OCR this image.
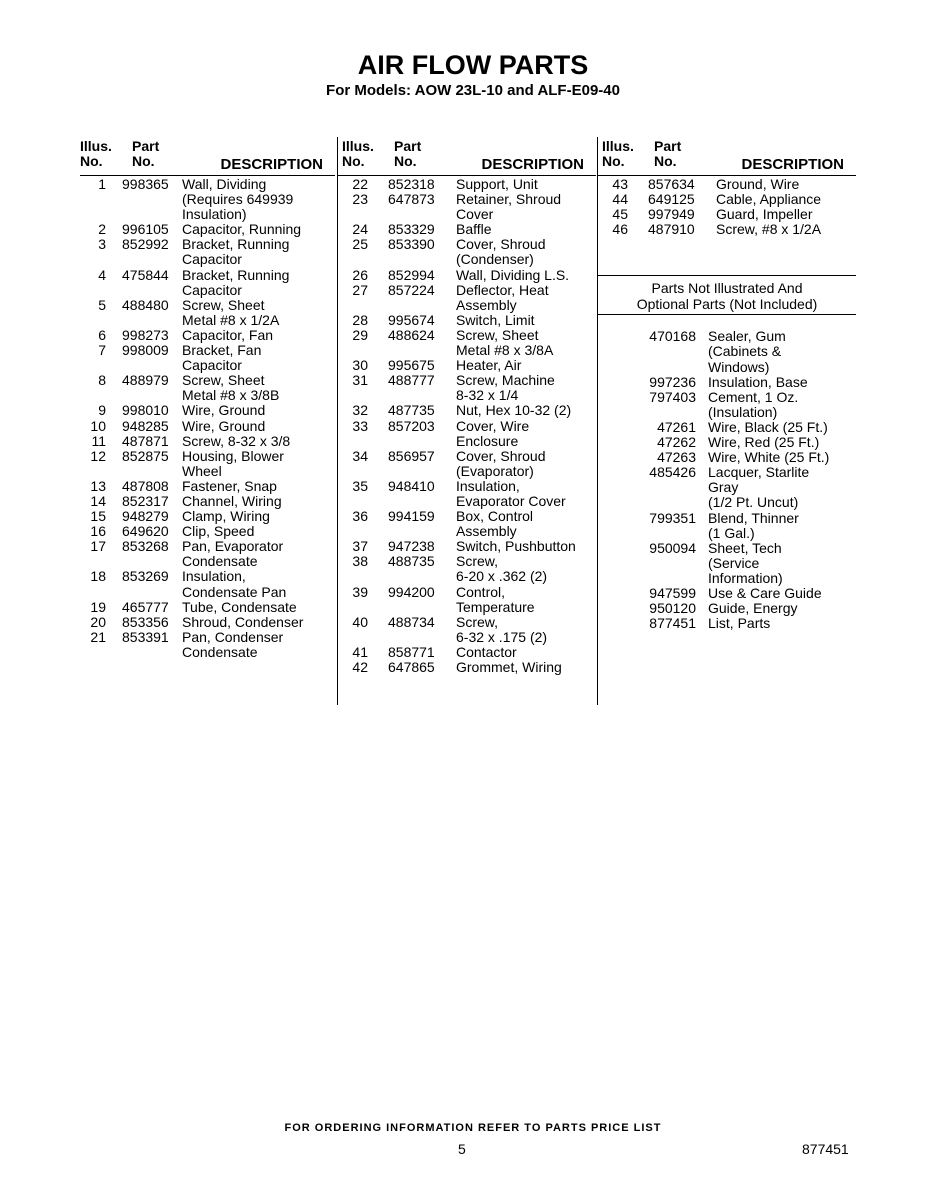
AIR FLOW PARTS
For Models: AOW 23L-10 and ALF-E09-40
Illus.
No.
Part
No.	DESCRIPTION
1	998365 Wall, Dividing
(Requires 649939
Insulation)
2	996105 Capacitor, Running
3	852992 Bracket, Running
Capacitor
4	475844 Bracket, Running
Capacitor
5	488480 Screw, Sheet
Metal #8 x 1/2A
6	998273 Capacitor, Fan
7	998009 Bracket, Fan
Capacitor
8	488979 Screw, Sheet
Metal #8 x 3/8B
9	998010 Wire, Ground
10	948285 Wire, Ground
11	487871 Screw, 8-32 x 3/8
12	852875 Housing, Blower
Wheel
13	487808 Fastener, Snap
14	852317 Channel, Wiring
15	948279 Clamp, Wiring
16	649620 Clip, Speed
17	853268 Pan, Evaporator
Condensate
18	853269 Insulation,
Condensate Pan
19	465777 Tube, Condensate
20	853356 Shroud, Condenser
21	853391 Pan, Condenser
Condensate
Illus.
No.
Part
No.	DESCRIPTION
22	852318	Support, Unit
23	647873	Retainer, Shroud
Cover
24	853329	Baffle
25	853390	Cover, Shroud
(Condenser)
26	852994	Wall, Dividing L.S.
27	857224	Deflector, Heat
Assembly
28	995674	Switch, Limit
29	488624	Screw, Sheet
Metal #8 x 3/8A
30	995675	Heater, Air
31	488777	Screw, Machine
8-32 x 1/4
32	487735	Nut, Hex 10-32 (2)
33	857203	Cover, Wire
Enclosure
34	856957	Cover, Shroud
(Evaporator)
35	948410	Insulation,
Evaporator Cover
36	994159	Box, Control
Assembly
37	947238	Switch, Pushbutton
38	488735	Screw,
6-20 x .362 (2)
39	994200	Control,
Temperature
40	488734	Screw,
6-32 x .175 (2)
41	858771	Contactor
42	647865	Grommet, Wiring
Illus.
No.
Part
No.	DESCRIPTION
43	857634	Ground, Wire
44	649125	Cable, Appliance
45	997949	Guard, Impeller
46	487910	Screw, #8 x 1/2A
Parts Not Illustrated And
Optional Parts (Not Included)
470168 Sealer, Gum
(Cabinets &
Windows)
997236 Insulation, Base
797403 Cement, 1 Oz.
(Insulation)
47261 Wire, Black (25 Ft.)
47262 Wire, Red (25 Ft.)
47263 Wire, White (25 Ft.)
485426 Lacquer, Starlite
Gray
(1/2 Pt. Uncut)
799351 Blend, Thinner
(1 Gal.)
950094 Sheet, Tech
(Service
Information)
947599 Use & Care Guide
950120 Guide, Energy
877451 List, Parts
FOR ORDERING INFORMATION REFER TO PARTS PRICE LIST
5	877451
